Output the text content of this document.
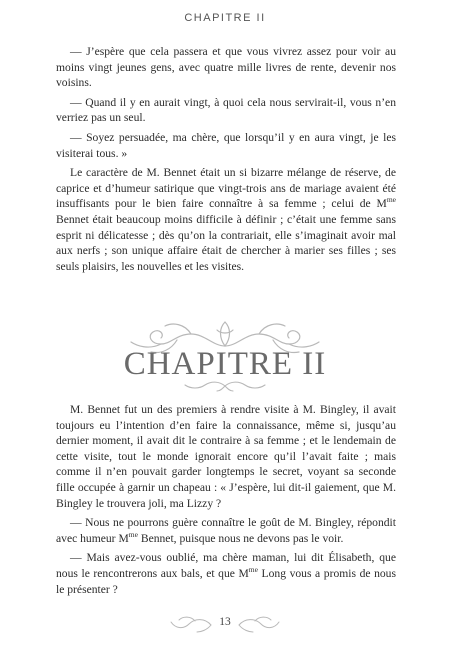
CHAPITRE II

— J’espère que cela passera et que vous vivrez assez pour voir au moins vingt jeunes gens, avec quatre mille livres de rente, devenir nos voisins.

— Quand il y en aurait vingt, à quoi cela nous servirait-il, vous n’en verriez pas un seul.

— Soyez persuadée, ma chère, que lorsqu’il y en aura vingt, je les visiterai tous. »

Le caractère de M. Bennet était un si bizarre mélange de réserve, de caprice et d’humeur satirique que vingt-trois ans de mariage avaient été insuffisants pour le bien faire connaître à sa femme ; celui de $M^{me}$ Bennet était beaucoup moins difficile à définir ; c’était une femme sans esprit ni délicatesse ; dès qu’on la contrariait, elle s’imaginait avoir mal aux nerfs ; son unique affaire était de chercher à marier ses filles ; ses seuls plaisirs, les nouvelles et les visites.

CHAPITRE II

M. Bennet fut un des premiers à rendre visite à M. Bingley, il avait toujours eu l’intention d’en faire la connaissance, même si, jusqu’au dernier moment, il avait dit le contraire à sa femme ; et le lendemain de cette visite, tout le monde ignorait encore qu’il l’avait faite ; mais comme il n’en pouvait garder longtemps le secret, voyant sa seconde fille occupée à garnir un chapeau : « J’espère, lui dit-il gaiement, que M. Bingley le trouvera joli, ma Lizzy ?

— Nous ne pourrons guère connaître le goût de M. Bingley, répondit avec humeur $M^{me}$ Bennet, puisque nous ne devons pas le voir.

— Mais avez-vous oublié, ma chère maman, lui dit Élisabeth, que nous le rencontrerons aux bals, et que $M^{me}$ Long vous a promis de nous le présenter ?

13
